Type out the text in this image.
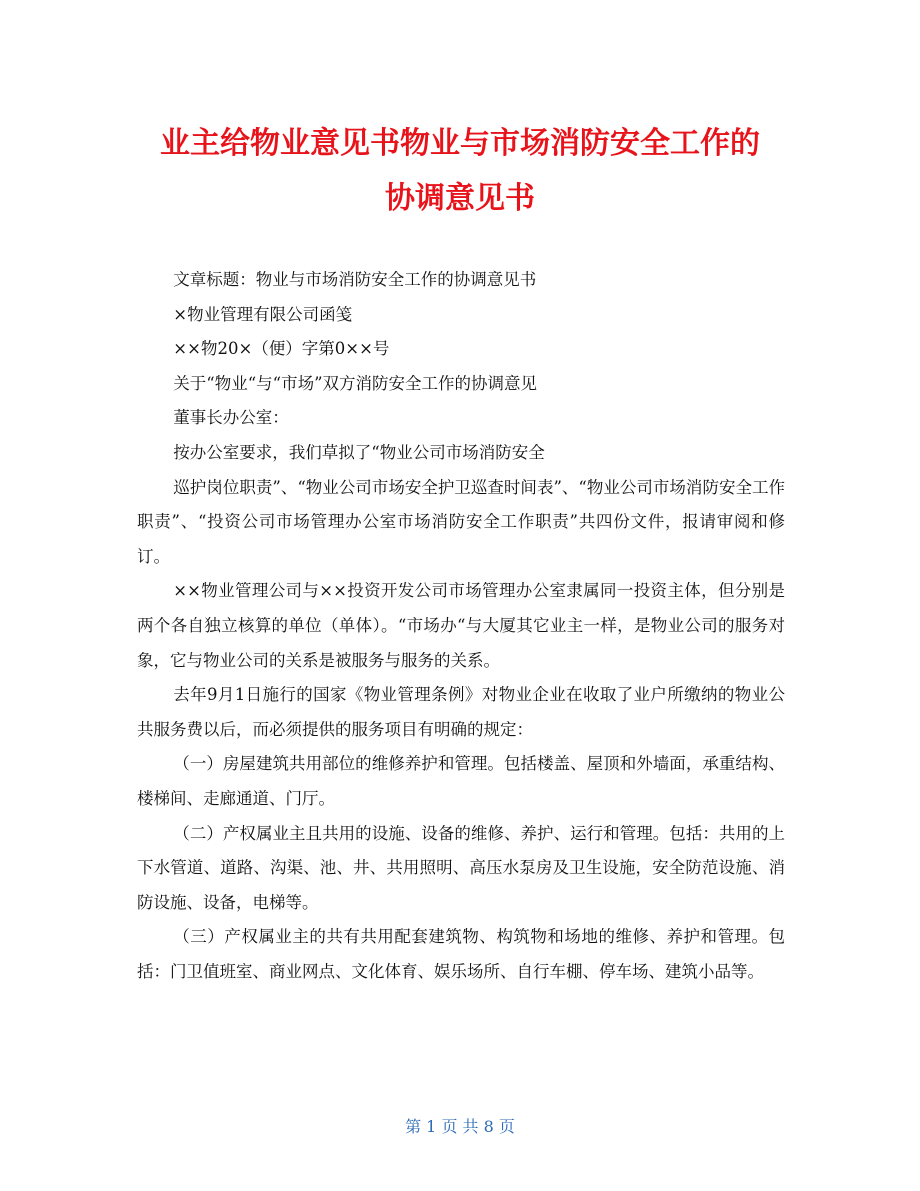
业主给物业意见书物业与市场消防安全工作的
协调意见书

文章标题：物业与市场消防安全工作的协调意见书

×物业管理有限公司函笺

××物20×（便）字第0××号

关于“物业“与“市场”双方消防安全工作的协调意见

董事长办公室：

按办公室要求，我们草拟了“物业公司市场消防安全

巡护岗位职责”、“物业公司市场安全护卫巡查时间表”、“物业公司市场消防安全工作职责”、“投资公司市场管理办公室市场消防安全工作职责”共四份文件，报请审阅和修订。

××物业管理公司与××投资开发公司市场管理办公室隶属同一投资主体，但分别是两个各自独立核算的单位（单体）。“市场办“与大厦其它业主一样，是物业公司的服务对象，它与物业公司的关系是被服务与服务的关系。

去年9月1日施行的国家《物业管理条例》对物业企业在收取了业户所缴纳的物业公共服务费以后，而必须提供的服务项目有明确的规定：

（一）房屋建筑共用部位的维修养护和管理。包括楼盖、屋顶和外墙面，承重结构、楼梯间、走廊通道、门厅。

（二）产权属业主且共用的设施、设备的维修、养护、运行和管理。包括：共用的上下水管道、道路、沟渠、池、井、共用照明、高压水泵房及卫生设施，安全防范设施、消防设施、设备，电梯等。

（三）产权属业主的共有共用配套建筑物、构筑物和场地的维修、养护和管理。包括：门卫值班室、商业网点、文化体育、娱乐场所、自行车棚、停车场、建筑小品等。

第 1 页 共 8 页
